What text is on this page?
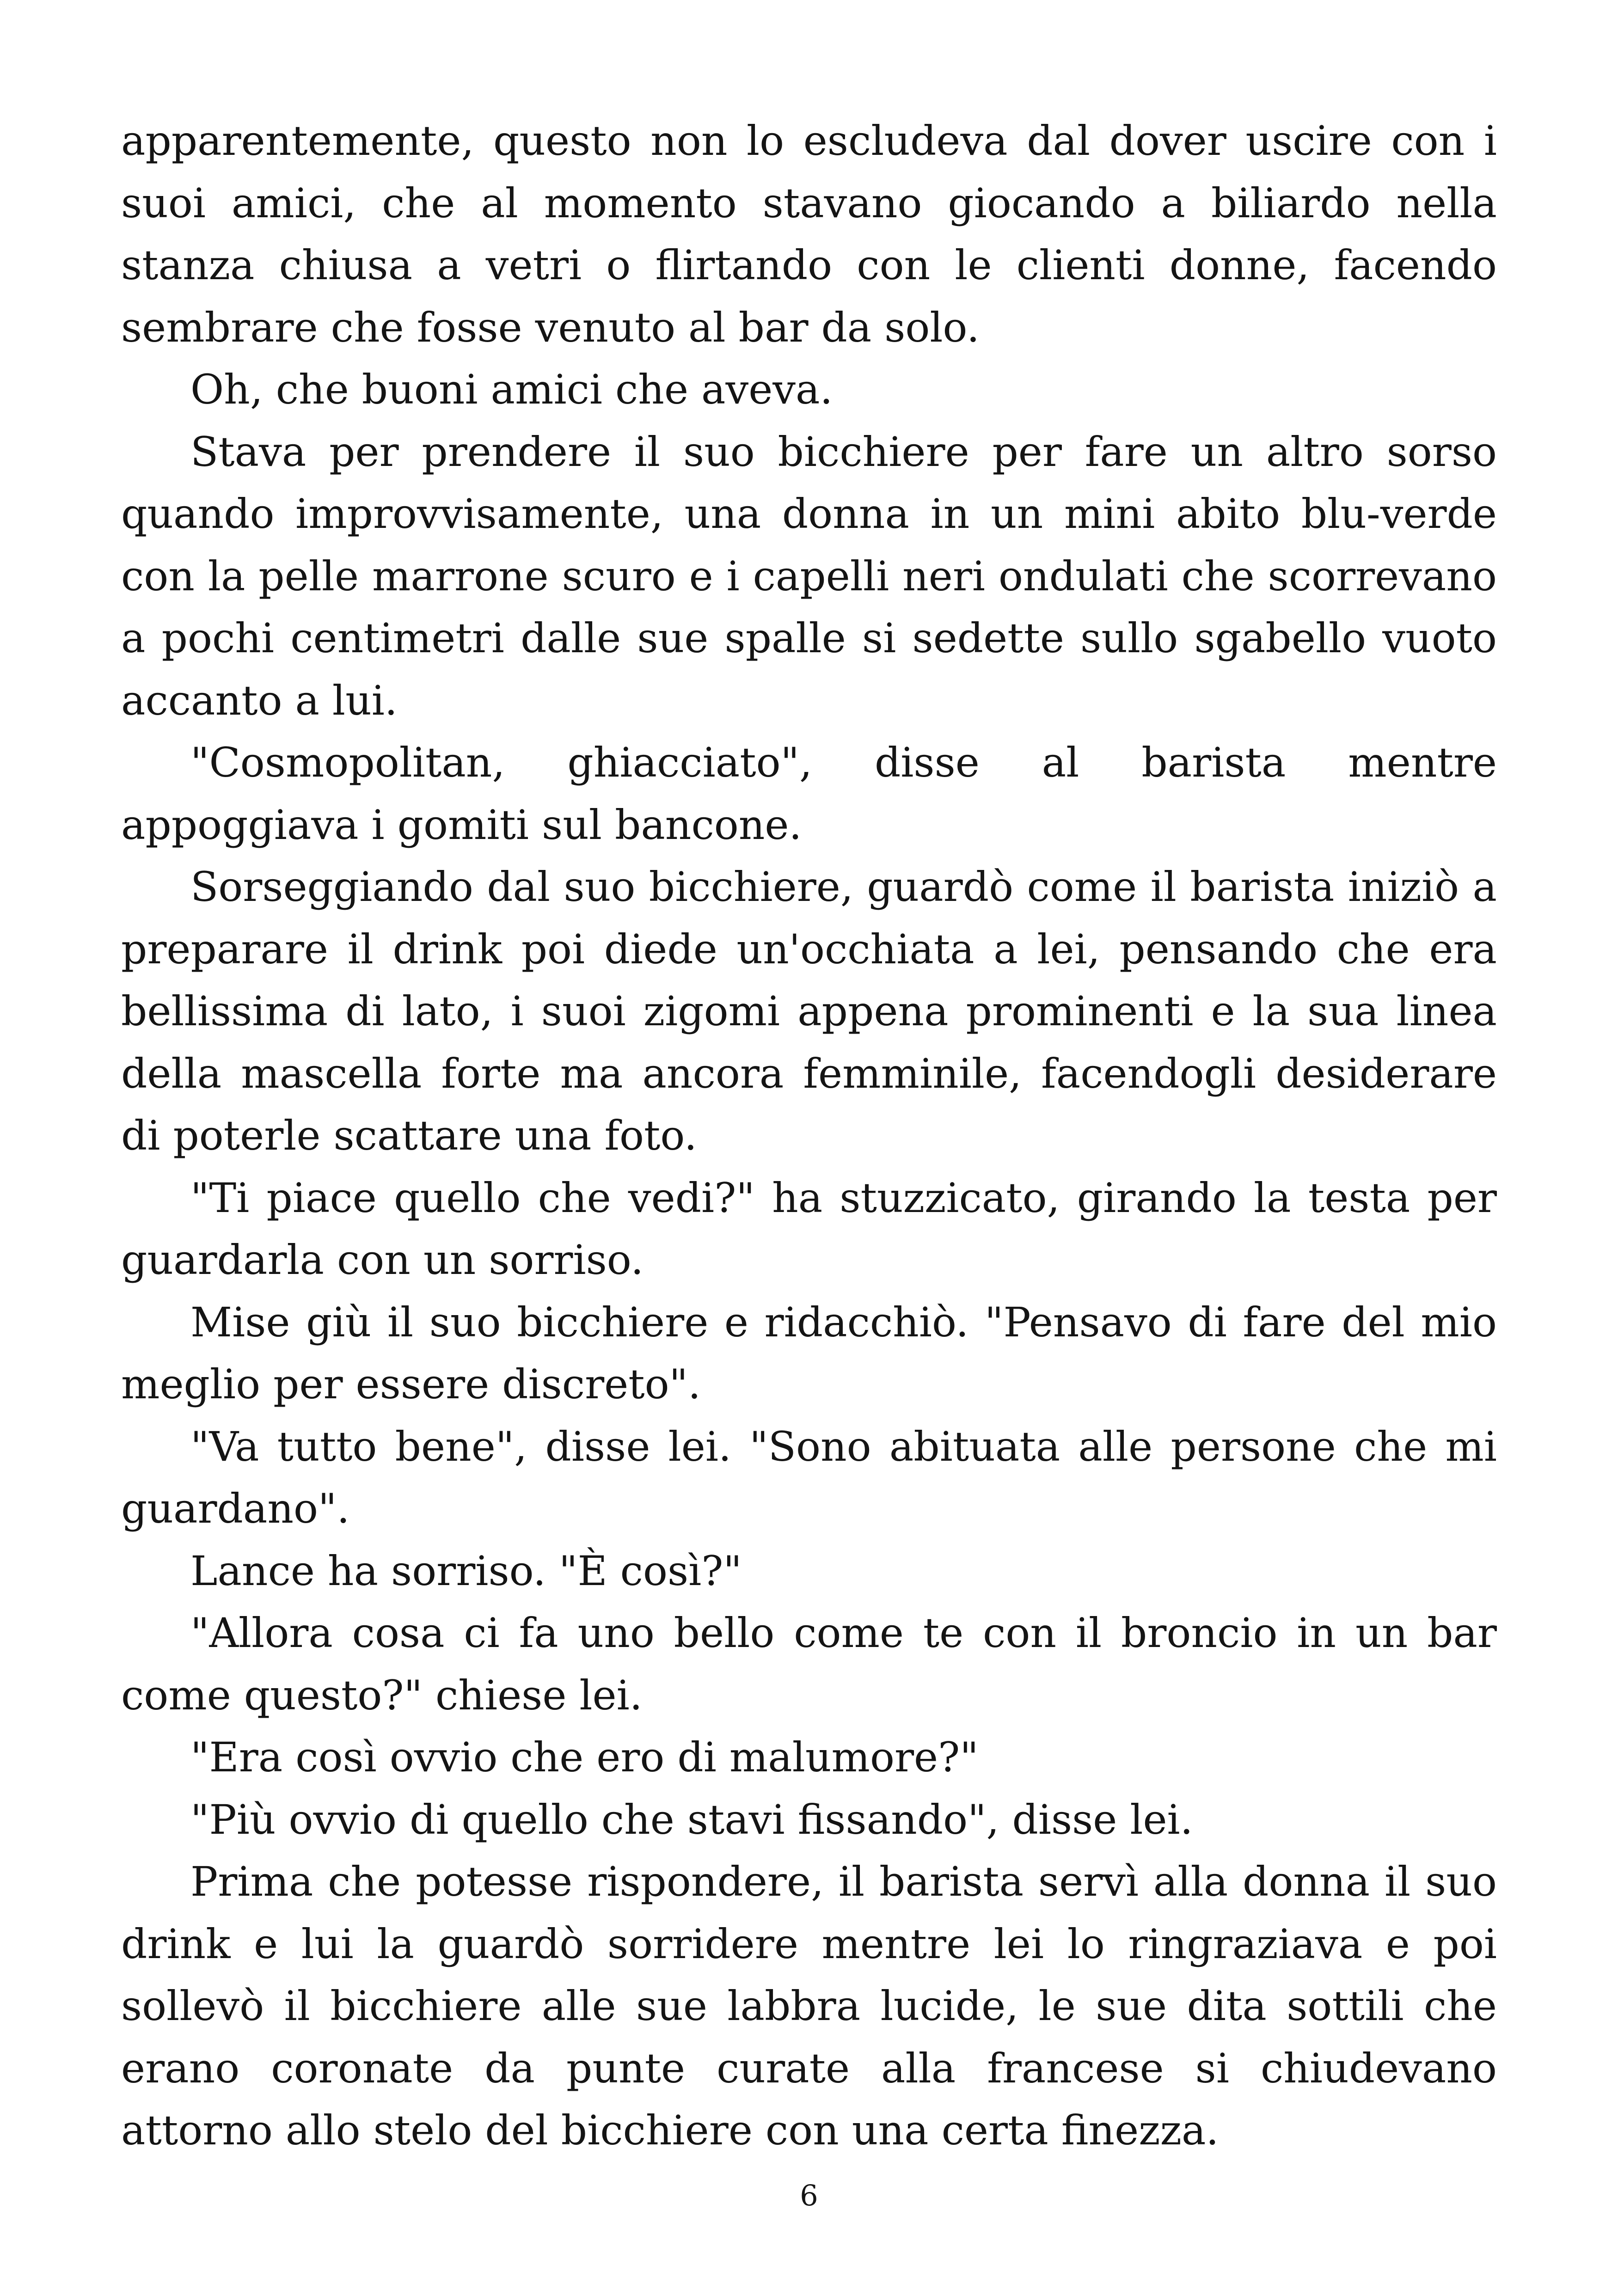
apparentemente, questo non lo escludeva dal dover uscire con i suoi amici, che al momento stavano giocando a biliardo nella stanza chiusa a vetri o flirtando con le clienti donne, facendo sembrare che fosse venuto al bar da solo.

Oh, che buoni amici che aveva.

Stava per prendere il suo bicchiere per fare un altro sorso quando improvvisamente, una donna in un mini abito blu-verde con la pelle marrone scuro e i capelli neri ondulati che scorrevano a pochi centimetri dalle sue spalle si sedette sullo sgabello vuoto accanto a lui.

"Cosmopolitan, ghiacciato", disse al barista mentre appoggiava i gomiti sul bancone.

Sorseggiando dal suo bicchiere, guardò come il barista iniziò a preparare il drink poi diede un'occhiata a lei, pensando che era bellissima di lato, i suoi zigomi appena prominenti e la sua linea della mascella forte ma ancora femminile, facendogli desiderare di poterle scattare una foto.

"Ti piace quello che vedi?" ha stuzzicato, girando la testa per guardarla con un sorriso.

Mise giù il suo bicchiere e ridacchiò. "Pensavo di fare del mio meglio per essere discreto".

"Va tutto bene", disse lei. "Sono abituata alle persone che mi guardano".

Lance ha sorriso. "È così?"

"Allora cosa ci fa uno bello come te con il broncio in un bar come questo?" chiese lei.

"Era così ovvio che ero di malumore?"

"Più ovvio di quello che stavi fissando", disse lei.

Prima che potesse rispondere, il barista servì alla donna il suo drink e lui la guardò sorridere mentre lei lo ringraziava e poi sollevò il bicchiere alle sue labbra lucide, le sue dita sottili che erano coronate da punte curate alla francese si chiudevano attorno allo stelo del bicchiere con una certa finezza.

6
